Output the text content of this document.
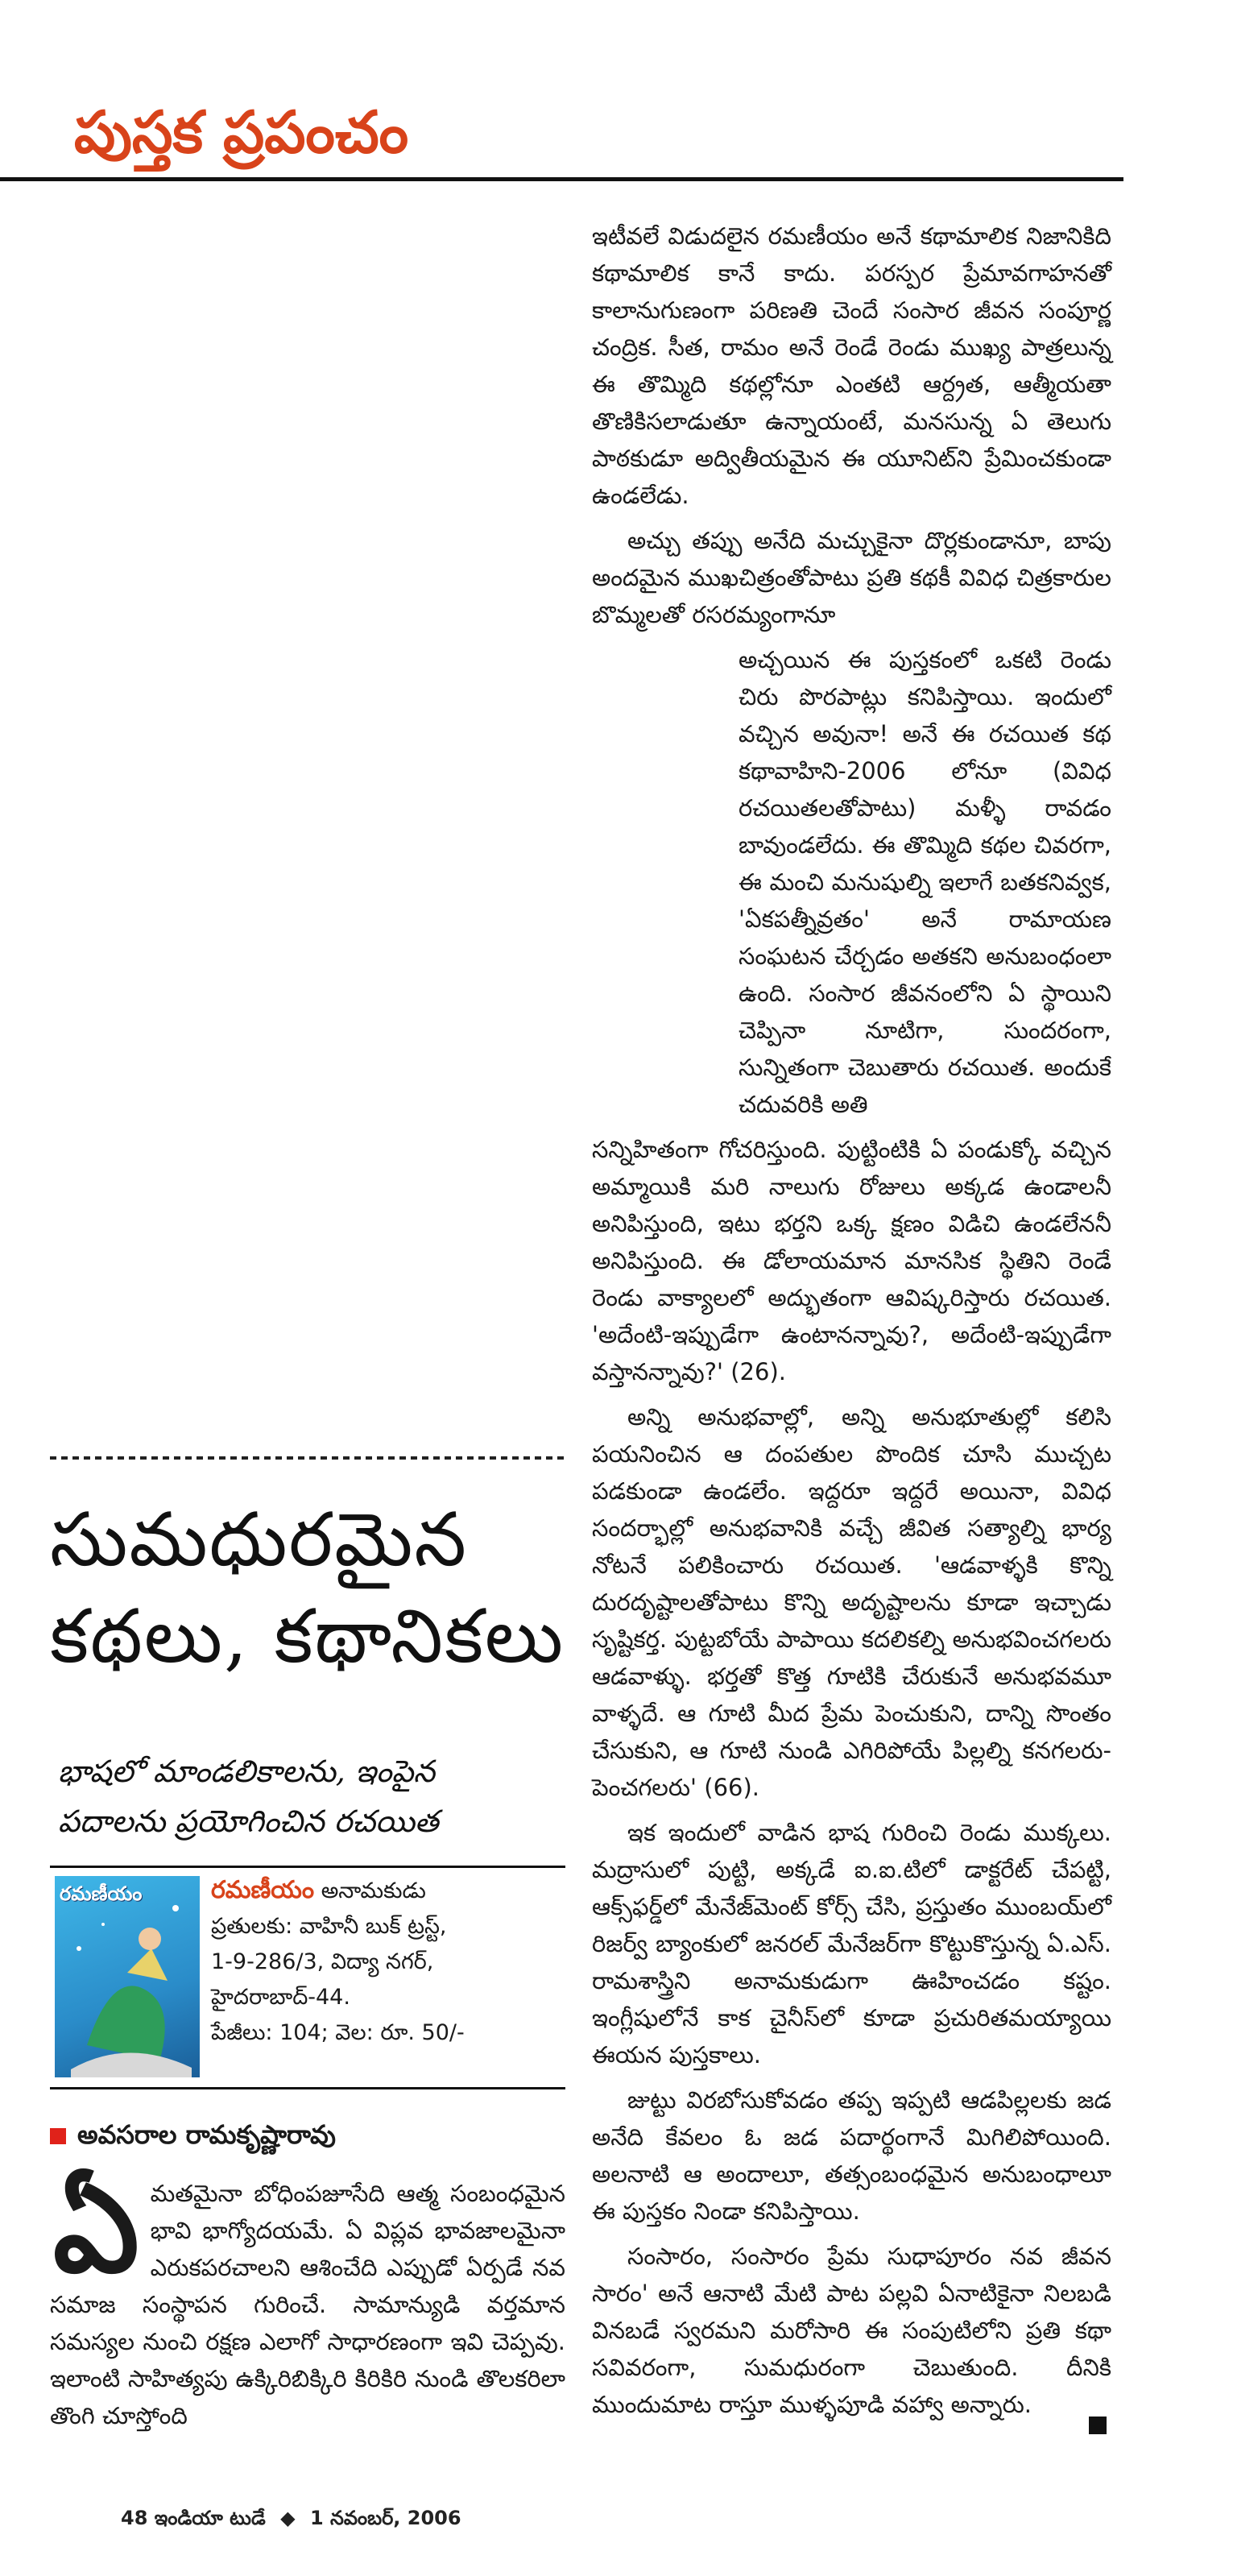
పుస్తక ప్రపంచం

ఇటీవలే విడుదలైన రమణీయం అనే కథామాలిక నిజానికిది కథామాలిక కానే కాదు. పరస్పర ప్రేమావగాహనతో కాలానుగుణంగా పరిణతి చెందే సంసార జీవన సంపూర్ణ చంద్రిక. సీత, రామం అనే రెండే రెండు ముఖ్య పాత్రలున్న ఈ తొమ్మిది కథల్లోనూ ఎంతటి ఆర్ద్రత, ఆత్మీయతా తొణికిసలాడుతూ ఉన్నాయంటే, మనసున్న ఏ తెలుగు పాఠకుడూ అద్వితీయమైన ఈ యూనిట్‌ని ప్రేమించకుండా ఉండలేడు.

అచ్చు తప్పు అనేది మచ్చుకైనా దొర్లకుండానూ, బాపు అందమైన ముఖచిత్రంతోపాటు ప్రతి కథకీ వివిధ చిత్రకారుల బొమ్మలతో రసరమ్యంగానూ

అచ్చయిన ఈ పుస్తకంలో ఒకటి రెండు చిరు పొరపాట్లు కనిపిస్తాయి. ఇందులో వచ్చిన అవునా! అనే ఈ రచయిత కథ కథావాహిని-2006 లోనూ (వివిధ రచయితలతోపాటు) మళ్ళీ రావడం బావుండలేదు. ఈ తొమ్మిది కథల చివరగా, ఈ మంచి మనుషుల్ని ఇలాగే బతకనివ్వక, 'ఏకపత్నీవ్రతం' అనే రామాయణ సంఘటన చేర్చడం అతకని అనుబంధంలా ఉంది. సంసార జీవనంలోని ఏ స్థాయిని చెప్పినా నూటిగా, సుందరంగా, సున్నితంగా చెబుతారు రచయిత. అందుకే చదువరికి అతి

సన్నిహితంగా గోచరిస్తుంది. పుట్టింటికి ఏ పండుక్కో వచ్చిన అమ్మాయికి మరి నాలుగు రోజులు అక్కడ ఉండాలనీ అనిపిస్తుంది, ఇటు భర్తని ఒక్క క్షణం విడిచి ఉండలేననీ అనిపిస్తుంది. ఈ డోలాయమాన మానసిక స్థితిని రెండే రెండు వాక్యాలలో అద్భుతంగా ఆవిష్కరిస్తారు రచయిత. 'అదేంటి-ఇప్పుడేగా ఉంటానన్నావు?, అదేంటి-ఇప్పుడేగా వస్తానన్నావు?' (26).

అన్ని అనుభవాల్లో, అన్ని అనుభూతుల్లో కలిసి పయనించిన ఆ దంపతుల పొందిక చూసి ముచ్చట పడకుండా ఉండలేం. ఇద్దరూ ఇద్దరే అయినా, వివిధ సందర్భాల్లో అనుభవానికి వచ్చే జీవిత సత్యాల్ని భార్య నోటనే పలికించారు రచయిత. 'ఆడవాళ్ళకి కొన్ని దురదృష్టాలతోపాటు కొన్ని అదృష్టాలను కూడా ఇచ్చాడు సృష్టికర్త. పుట్టబోయే పాపాయి కదలికల్ని అనుభవించగలరు ఆడవాళ్ళు. భర్తతో కొత్త గూటికి చేరుకునే అనుభవమూ వాళ్ళదే. ఆ గూటి మీద ప్రేమ పెంచుకుని, దాన్ని సొంతం చేసుకుని, ఆ గూటి నుండి ఎగిరిపోయే పిల్లల్ని కనగలరు-పెంచగలరు' (66).

ఇక ఇందులో వాడిన భాష గురించి రెండు ముక్కలు. మద్రాసులో పుట్టి, అక్కడే ఐ.ఐ.టిలో డాక్టరేట్ చేపట్టి, ఆక్స్‌ఫర్డ్‌లో మేనేజ్‌మెంట్ కోర్స్ చేసి, ప్రస్తుతం ముంబయ్‌లో రిజర్వ్ బ్యాంకులో జనరల్ మేనేజర్‌గా కొట్టుకొస్తున్న ఏ.ఎస్. రామశాస్త్రిని అనామకుడుగా ఊహించడం కష్టం. ఇంగ్లీషులోనే కాక చైనీస్‌లో కూడా ప్రచురితమయ్యాయి ఈయన పుస్తకాలు.

జుట్టు విరబోసుకోవడం తప్ప ఇప్పటి ఆడపిల్లలకు జడ అనేది కేవలం ఓ జడ పదార్థంగానే మిగిలిపోయింది. అలనాటి ఆ అందాలూ, తత్సంబంధమైన అనుబంధాలూ ఈ పుస్తకం నిండా కనిపిస్తాయి.

సంసారం, సంసారం ప్రేమ సుధాపూరం నవ జీవన సారం' అనే ఆనాటి మేటి పాట పల్లవి ఏనాటికైనా నిలబడి వినబడే స్వరమని మరోసారి ఈ సంపుటిలోని ప్రతి కథా సవివరంగా, సుమధురంగా చెబుతుంది. దీనికి ముందుమాట రాస్తూ ముళ్ళపూడి వహ్వా అన్నారు.

సుమధురమైన
కథలు, కథానికలు
భాషలో మాండలికాలను, ఇంపైన
పదాలను ప్రయోగించిన రచయిత
రమణీయం	రమణీయం అనామకుడు
ప్రతులకు: వాహినీ బుక్ ట్రస్ట్,
1-9-286/3, విద్యా నగర్,
హైదరాబాద్-44.
పేజీలు: 104; వెల: రూ. 50/-
అవసరాల రామకృష్ణారావు
ఏ మతమైనా బోధింపజూసేది ఆత్మ సంబంధమైన భావి భాగ్యోదయమే. ఏ విప్లవ భావజాలమైనా ఎరుకపరచాలని ఆశించేది ఎప్పుడో ఏర్పడే నవ సమాజ సంస్థాపన గురించే. సామాన్యుడి వర్తమాన సమస్యల నుంచి రక్షణ ఎలాగో సాధారణంగా ఇవి చెప్పవు. ఇలాంటి సాహిత్యపు ఉక్కిరిబిక్కిరి కిరికిరి నుండి తొలకరిలా తొంగి చూస్తోంది
48 ఇండియా టుడే ◆ 1 నవంబర్, 2006
